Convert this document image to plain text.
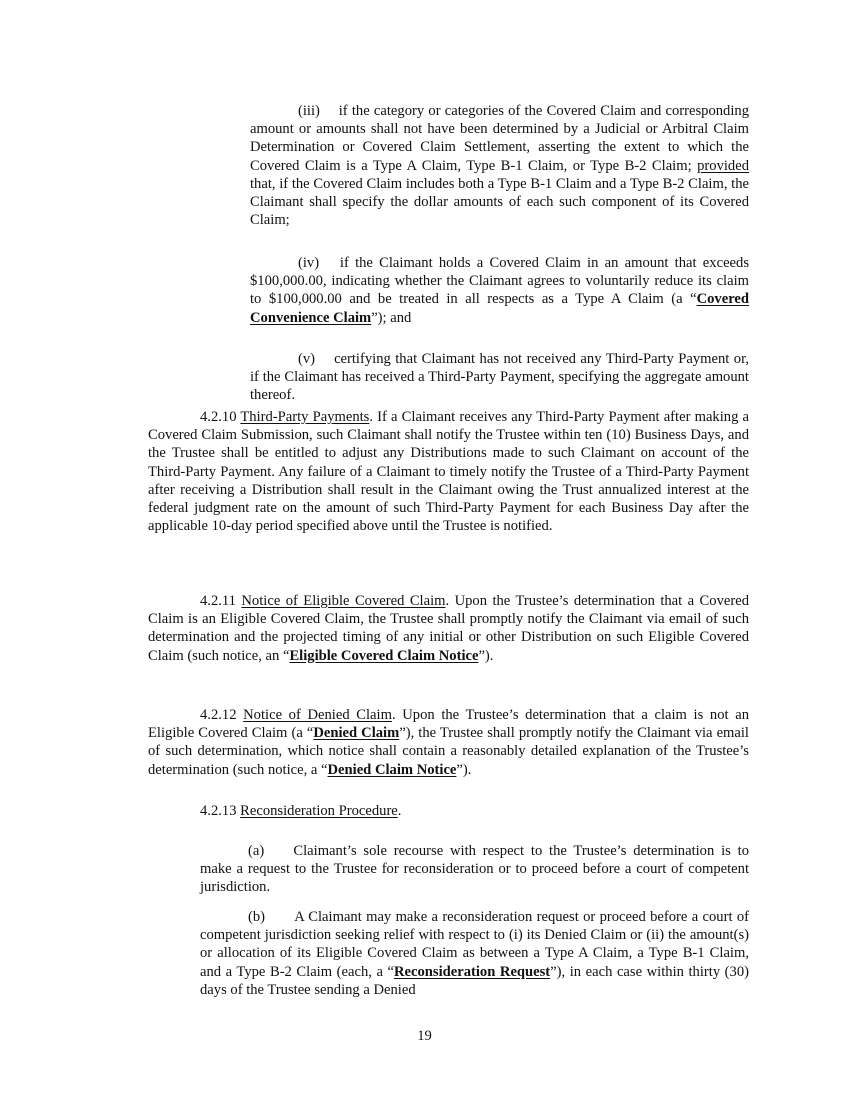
(iii)  if the category or categories of the Covered Claim and corresponding amount or amounts shall not have been determined by a Judicial or Arbitral Claim Determination or Covered Claim Settlement, asserting the extent to which the Covered Claim is a Type A Claim, Type B-1 Claim, or Type B-2 Claim; provided that, if the Covered Claim includes both a Type B-1 Claim and a Type B-2 Claim, the Claimant shall specify the dollar amounts of each such component of its Covered Claim;

(iv)  if the Claimant holds a Covered Claim in an amount that exceeds $100,000.00, indicating whether the Claimant agrees to voluntarily reduce its claim to $100,000.00 and be treated in all respects as a Type A Claim (a “Covered Convenience Claim”); and

(v)  certifying that Claimant has not received any Third-Party Payment or, if the Claimant has received a Third-Party Payment, specifying the aggregate amount thereof.

4.2.10 Third-Party Payments. If a Claimant receives any Third-Party Payment after making a Covered Claim Submission, such Claimant shall notify the Trustee within ten (10) Business Days, and the Trustee shall be entitled to adjust any Distributions made to such Claimant on account of the Third-Party Payment. Any failure of a Claimant to timely notify the Trustee of a Third-Party Payment after receiving a Distribution shall result in the Claimant owing the Trust annualized interest at the federal judgment rate on the amount of such Third-Party Payment for each Business Day after the applicable 10-day period specified above until the Trustee is notified.

4.2.11 Notice of Eligible Covered Claim. Upon the Trustee’s determination that a Covered Claim is an Eligible Covered Claim, the Trustee shall promptly notify the Claimant via email of such determination and the projected timing of any initial or other Distribution on such Eligible Covered Claim (such notice, an “Eligible Covered Claim Notice”).

4.2.12 Notice of Denied Claim. Upon the Trustee’s determination that a claim is not an Eligible Covered Claim (a “Denied Claim”), the Trustee shall promptly notify the Claimant via email of such determination, which notice shall contain a reasonably detailed explanation of the Trustee’s determination (such notice, a “Denied Claim Notice”).

4.2.13 Reconsideration Procedure.

(a)  Claimant’s sole recourse with respect to the Trustee’s determination is to make a request to the Trustee for reconsideration or to proceed before a court of competent jurisdiction.

(b)  A Claimant may make a reconsideration request or proceed before a court of competent jurisdiction seeking relief with respect to (i) its Denied Claim or (ii) the amount(s) or allocation of its Eligible Covered Claim as between a Type A Claim, a Type B-1 Claim, and a Type B-2 Claim (each, a “Reconsideration Request”), in each case within thirty (30) days of the Trustee sending a Denied

19
